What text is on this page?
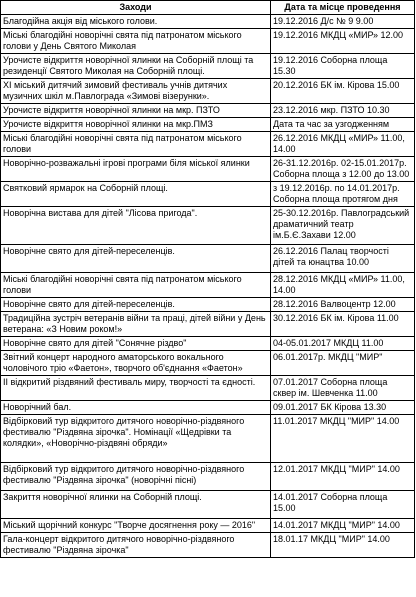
Заходи	Дата та місце проведення
Благодійна акція від міського голови.	19.12.2016 Д/с № 9 9.00
Міські благодійні новорічні свята під патронатом міського голови у День Святого Миколая	19.12.2016 МКДЦ «МИР» 12.00
Урочисте відкриття новорічної ялинки на Соборній площі та резиденції Святого Миколая на Соборній площі.	19.12.2016 Соборна площа 15.30
XI міський дитячий зимовий фестиваль учнів дитячих музичних шкіл м.Павлограда «Зимові візерунки».	20.12.2016 БК ім. Кірова 15.00
Урочисте відкриття новорічної ялинки на мкр. ПЗТО	23.12.2016 мкр. ПЗТО 10.30
Урочисте відкриття новорічної ялинки на мкр.ПМЗ	Дата та час за узгодженням
Міські благодійні новорічні свята під патронатом міського голови	26.12.2016 МКДЦ «МИР» 11.00, 14.00
Новорічно-розважальні ігрові програми біля міської ялинки	26-31.12.2016р. 02-15.01.2017р. Соборна площа з 12.00 до 13.00
Святковий ярмарок на Соборній площі.	з 19.12.2016р. по 14.01.2017р. Соборна площа протягом дня
Новорічна вистава для дітей "Лісова пригода".	25-30.12.2016р. Павлоградський драматичний театр ім.Б.Є.Захави 12.00
Новорічне свято для дітей-переселенців.	26.12.2016 Палац творчості дітей та юнацтва 10.00
Міські благодійні новорічні свята під патронатом міського голови	28.12.2016 МКДЦ «МИР» 11.00, 14.00
Новорічне свято для дітей-переселенців.	28.12.2016 Валвоцентр 12.00
Традиційна зустріч ветеранів війни та праці, дітей війни у День ветерана: «З Новим роком!»	30.12.2016 БК ім. Кірова 11.00
Новорічне свято для дітей "Сонячне різдво"	04-05.01.2017 МКДЦ 11.00
Звітний концерт народного аматорського вокального чоловічого тріо «Фаетон», творчого об'єднання «Фаетон»	06.01.2017р. МКДЦ "МИР"
ІІ відкритий різдвяний фестиваль миру, творчості та єдності.	07.01.2017 Соборна площа сквер ім. Шевченка 11.00
Новорічний бал.	09.01.2017 БК Кірова 13.30
Відбірковий тур відкритого дитячого новорічно-різдвяного фестивалю "Різдвяна зірочка". Номінації «Щедрівки та колядки», «Новорічно-різдвяні обряди»	11.01.2017 МКДЦ "МИР" 14.00
Відбірковий тур відкритого дитячого новорічно-різдвяного фестивалю "Різдвяна зірочка" (новорічні пісні)	12.01.2017 МКДЦ "МИР" 14.00
Закриття новорічної ялинки на Соборній площі.	14.01.2017 Соборна площа 15.00
Міський щорічний конкурс "Творче досягнення року — 2016"	14.01.2017 МКДЦ "МИР" 14.00
Гала-концерт відкритого дитячого новорічно-різдвяного фестивалю "Різдвяна зірочка"	18.01.17 МКДЦ "МИР" 14.00
